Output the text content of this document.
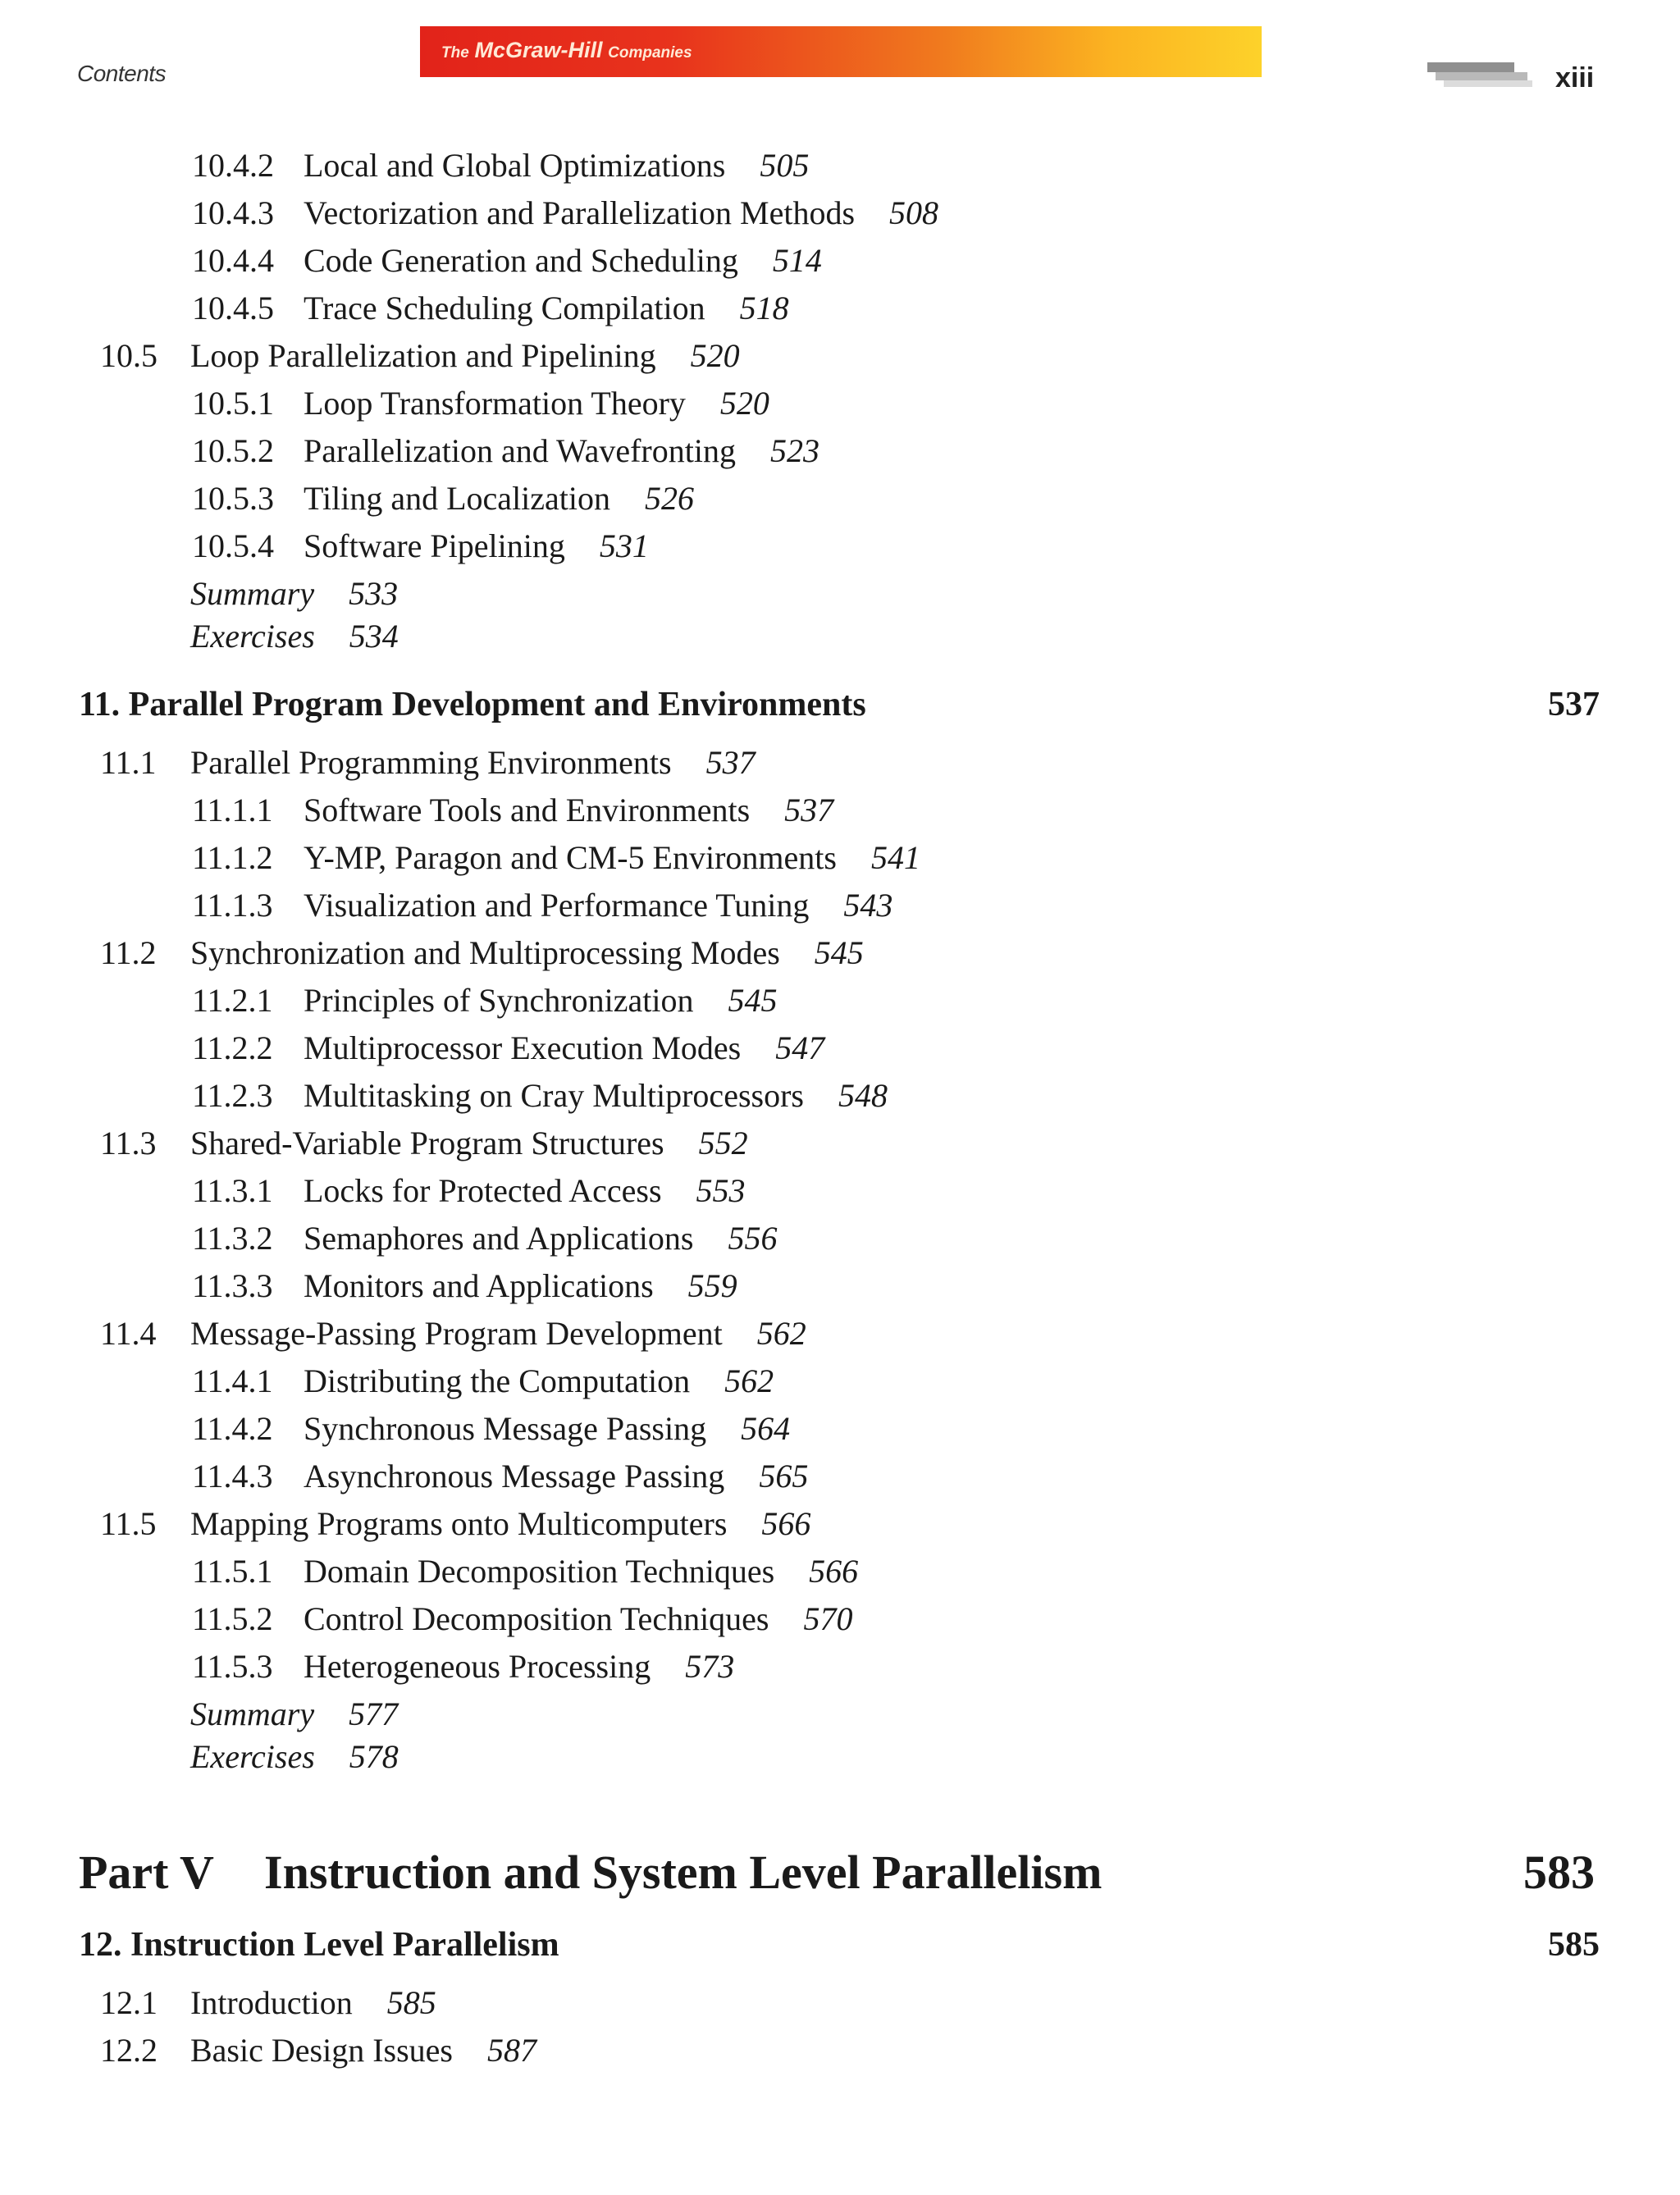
Contents
The McGraw-Hill Companies
xiii
10.4.2 Local and Global Optimizations 505
10.4.3 Vectorization and Parallelization Methods 508
10.4.4 Code Generation and Scheduling 514
10.4.5 Trace Scheduling Compilation 518
10.5 Loop Parallelization and Pipelining 520
10.5.1 Loop Transformation Theory 520
10.5.2 Parallelization and Wavefronting 523
10.5.3 Tiling and Localization 526
10.5.4 Software Pipelining 531
Summary 533
Exercises 534
11. Parallel Program Development and Environments	537
11.1 Parallel Programming Environments 537
11.1.1 Software Tools and Environments 537
11.1.2 Y-MP, Paragon and CM-5 Environments 541
11.1.3 Visualization and Performance Tuning 543
11.2 Synchronization and Multiprocessing Modes 545
11.2.1 Principles of Synchronization 545
11.2.2 Multiprocessor Execution Modes 547
11.2.3 Multitasking on Cray Multiprocessors 548
11.3 Shared-Variable Program Structures 552
11.3.1 Locks for Protected Access 553
11.3.2 Semaphores and Applications 556
11.3.3 Monitors and Applications 559
11.4 Message-Passing Program Development 562
11.4.1 Distributing the Computation 562
11.4.2 Synchronous Message Passing 564
11.4.3 Asynchronous Message Passing 565
11.5 Mapping Programs onto Multicomputers 566
11.5.1 Domain Decomposition Techniques 566
11.5.2 Control Decomposition Techniques 570
11.5.3 Heterogeneous Processing 573
Summary 577
Exercises 578
Part V Instruction and System Level Parallelism	583
12. Instruction Level Parallelism	585
12.1 Introduction 585
12.2 Basic Design Issues 587
